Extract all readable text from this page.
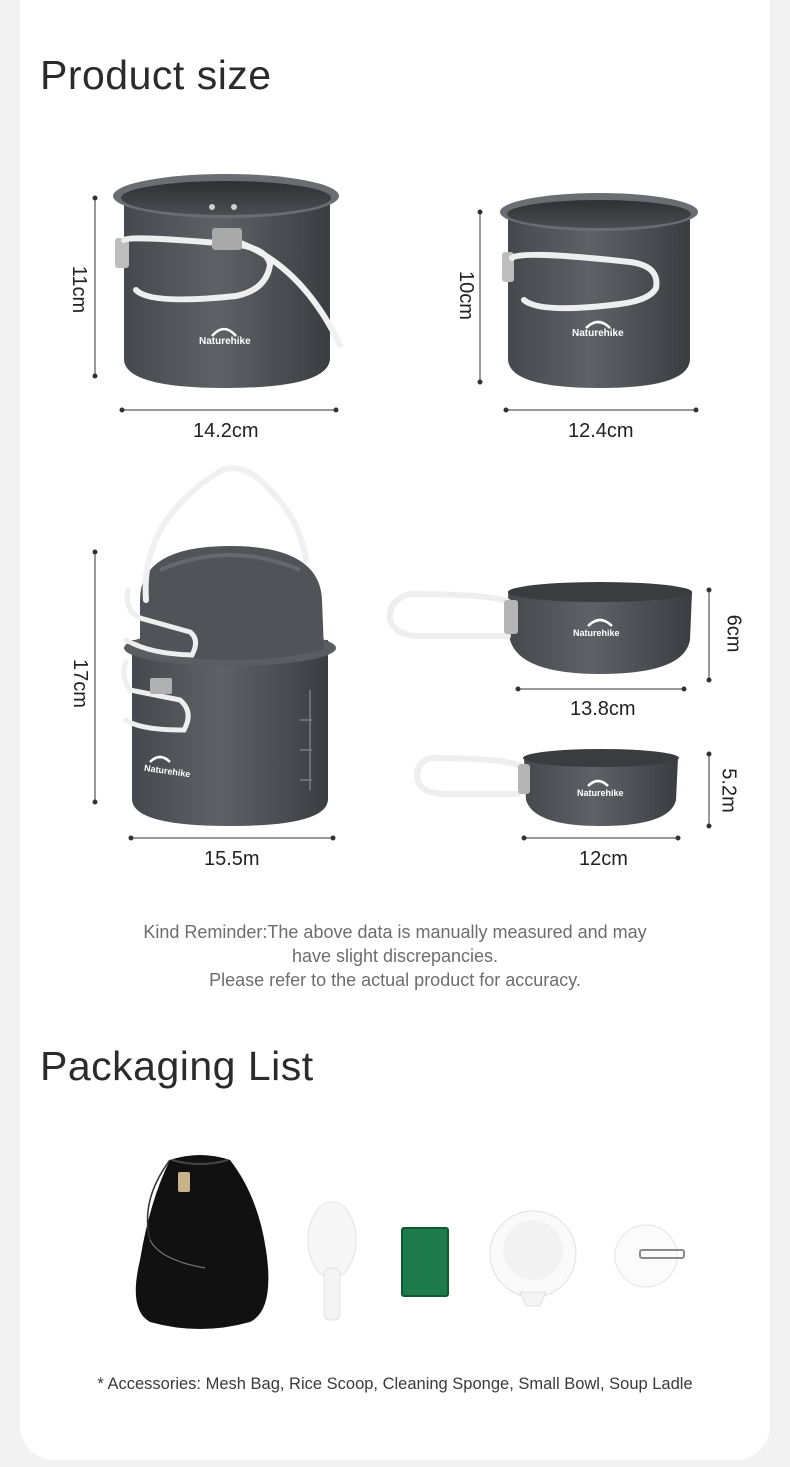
Product size
Packaging List
Naturehike
Naturehike
Naturehike
Naturehike
Naturehike
11cm
14.2cm
10cm
12.4cm
17cm
15.5m
6cm
13.8cm
5.2m
12cm
Kind Reminder:The above data is manually measured and may
have slight discrepancies.
Please refer to the actual product for accuracy.
* Accessories: Mesh Bag, Rice Scoop, Cleaning Sponge, Small Bowl, Soup Ladle
